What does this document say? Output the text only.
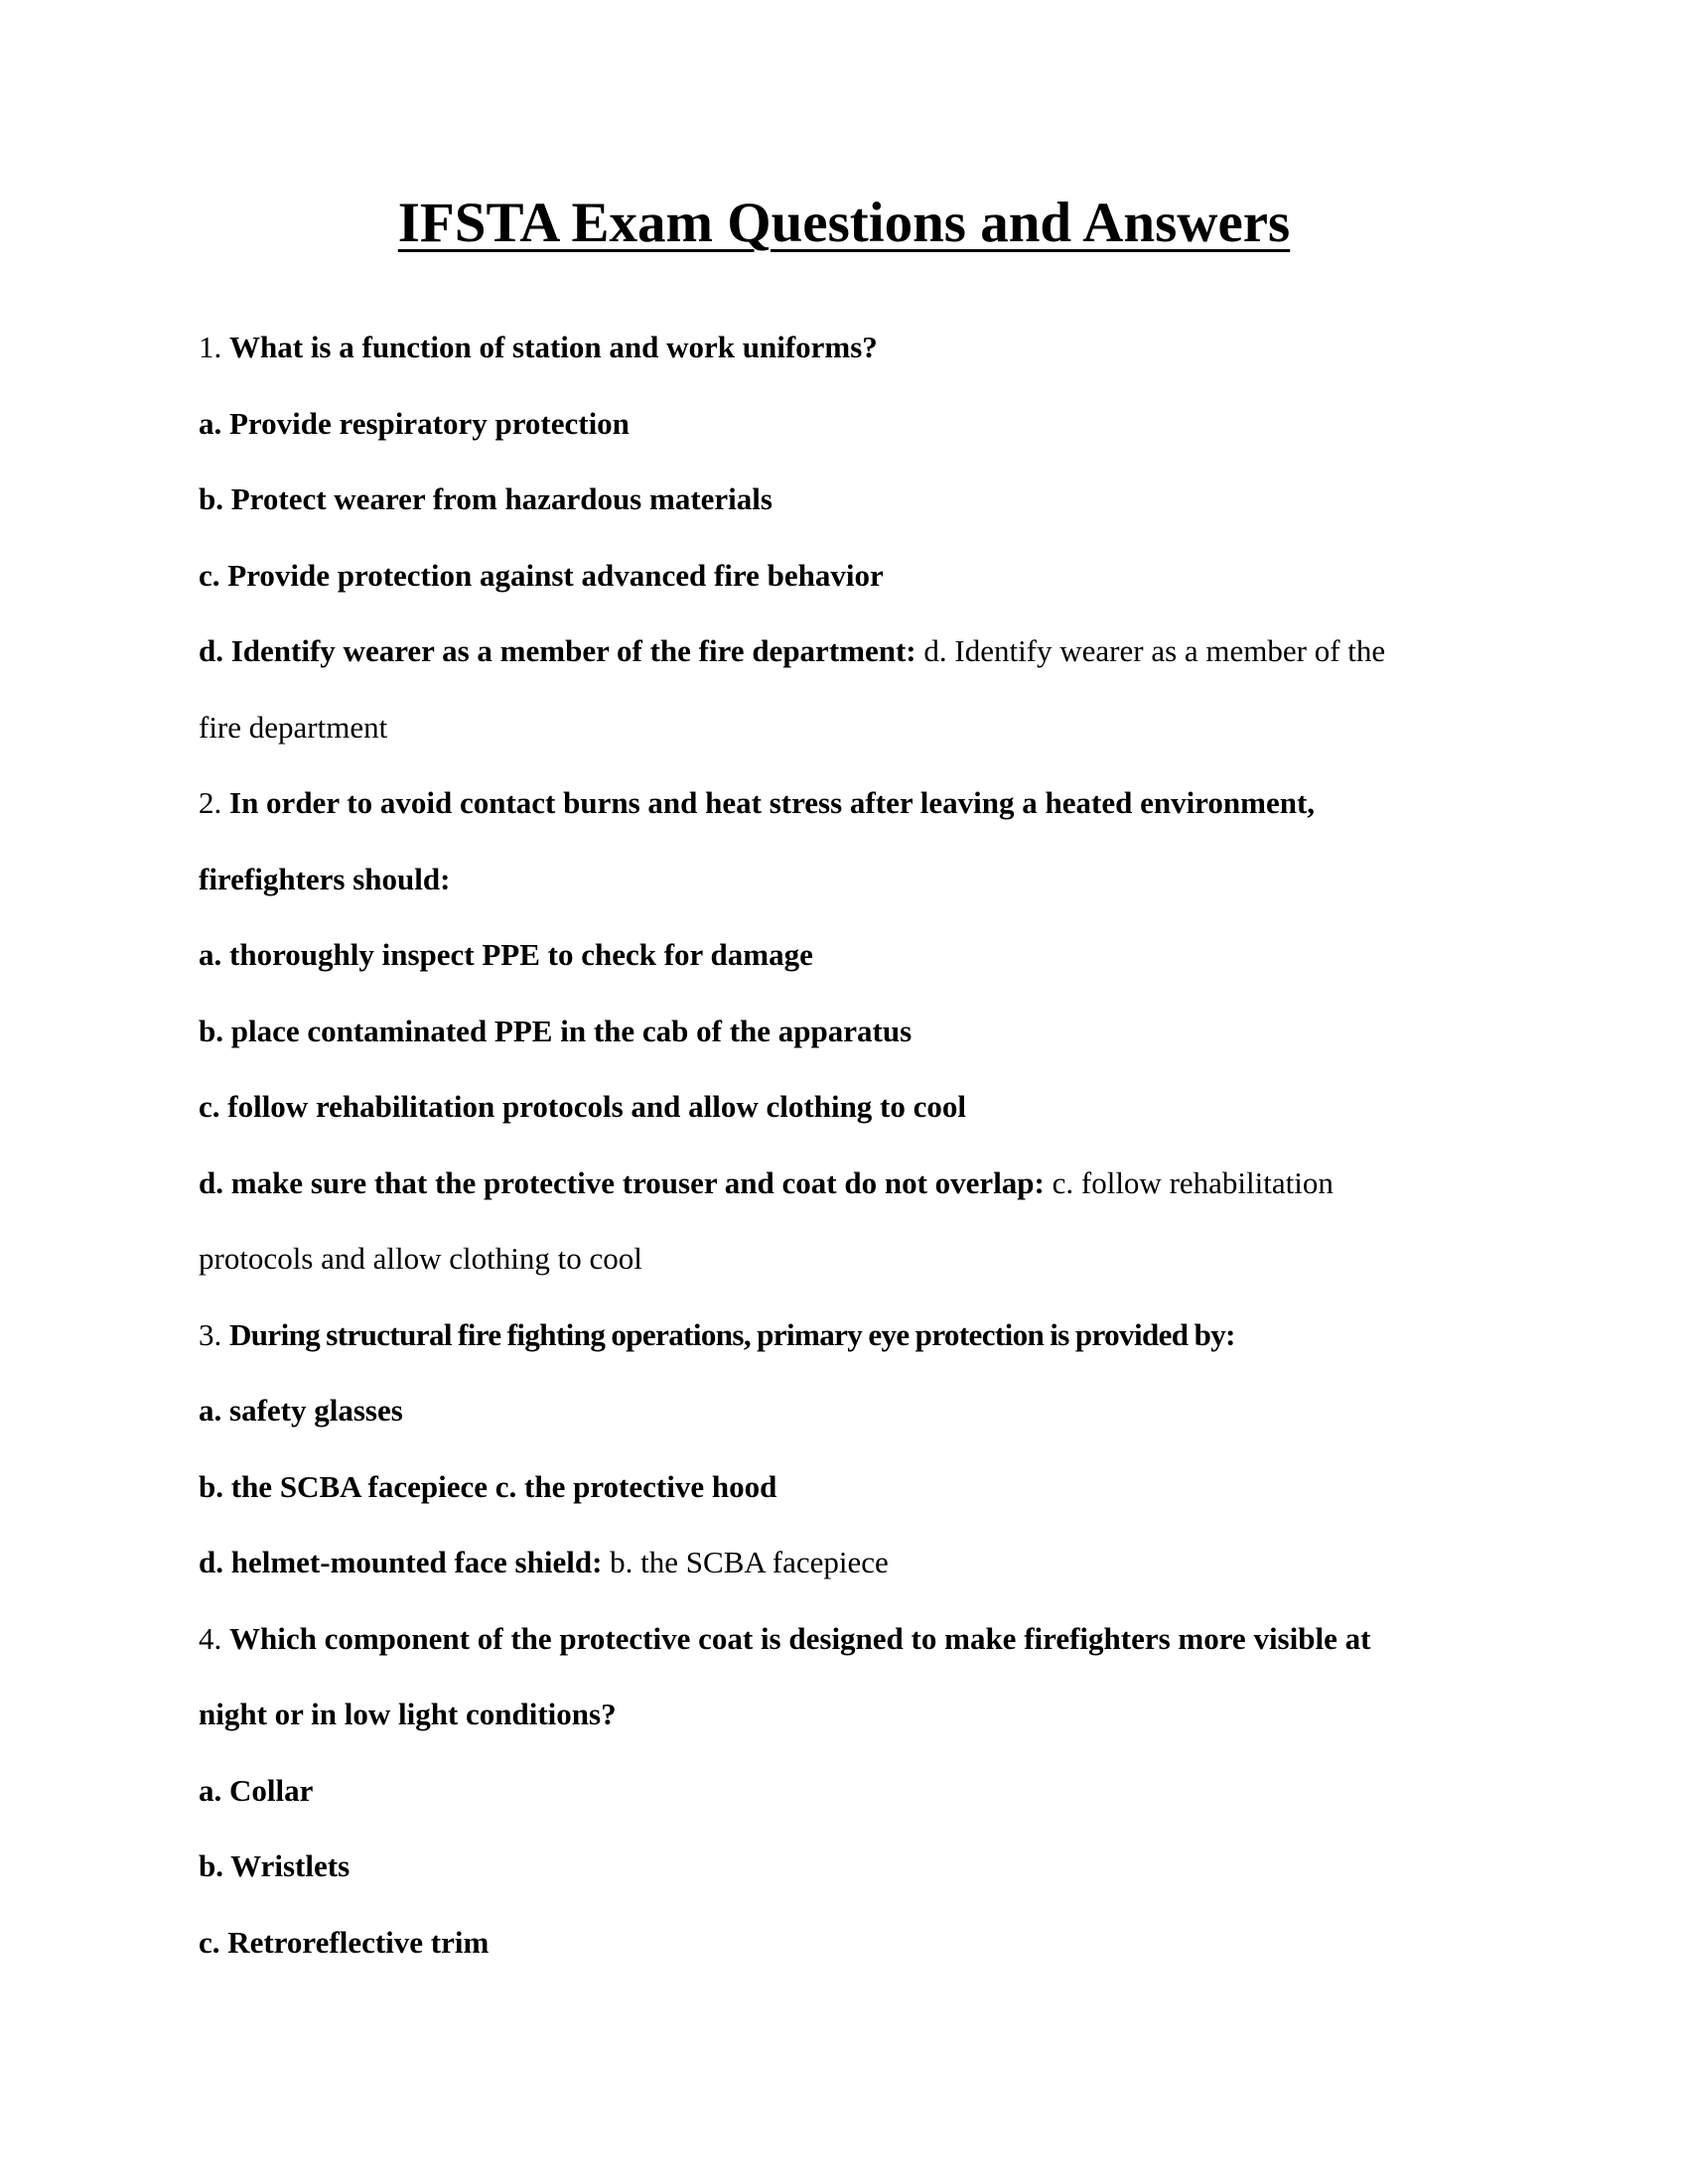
IFSTA Exam Questions and Answers
1. What is a function of station and work uniforms?
a. Provide respiratory protection
b. Protect wearer from hazardous materials
c. Provide protection against advanced fire behavior
d. Identify wearer as a member of the fire department: d. Identify wearer as a member of the
fire department
2. In order to avoid contact burns and heat stress after leaving a heated environment,
firefighters should:
a. thoroughly inspect PPE to check for damage
b. place contaminated PPE in the cab of the apparatus
c. follow rehabilitation protocols and allow clothing to cool
d. make sure that the protective trouser and coat do not overlap: c. follow rehabilitation
protocols and allow clothing to cool
3. During structural fire fighting operations, primary eye protection is provided by:
a. safety glasses
b. the SCBA facepiece c. the protective hood
d. helmet-mounted face shield: b. the SCBA facepiece
4. Which component of the protective coat is designed to make firefighters more visible at
night or in low light conditions?
a. Collar
b. Wristlets
c. Retroreflective trim
